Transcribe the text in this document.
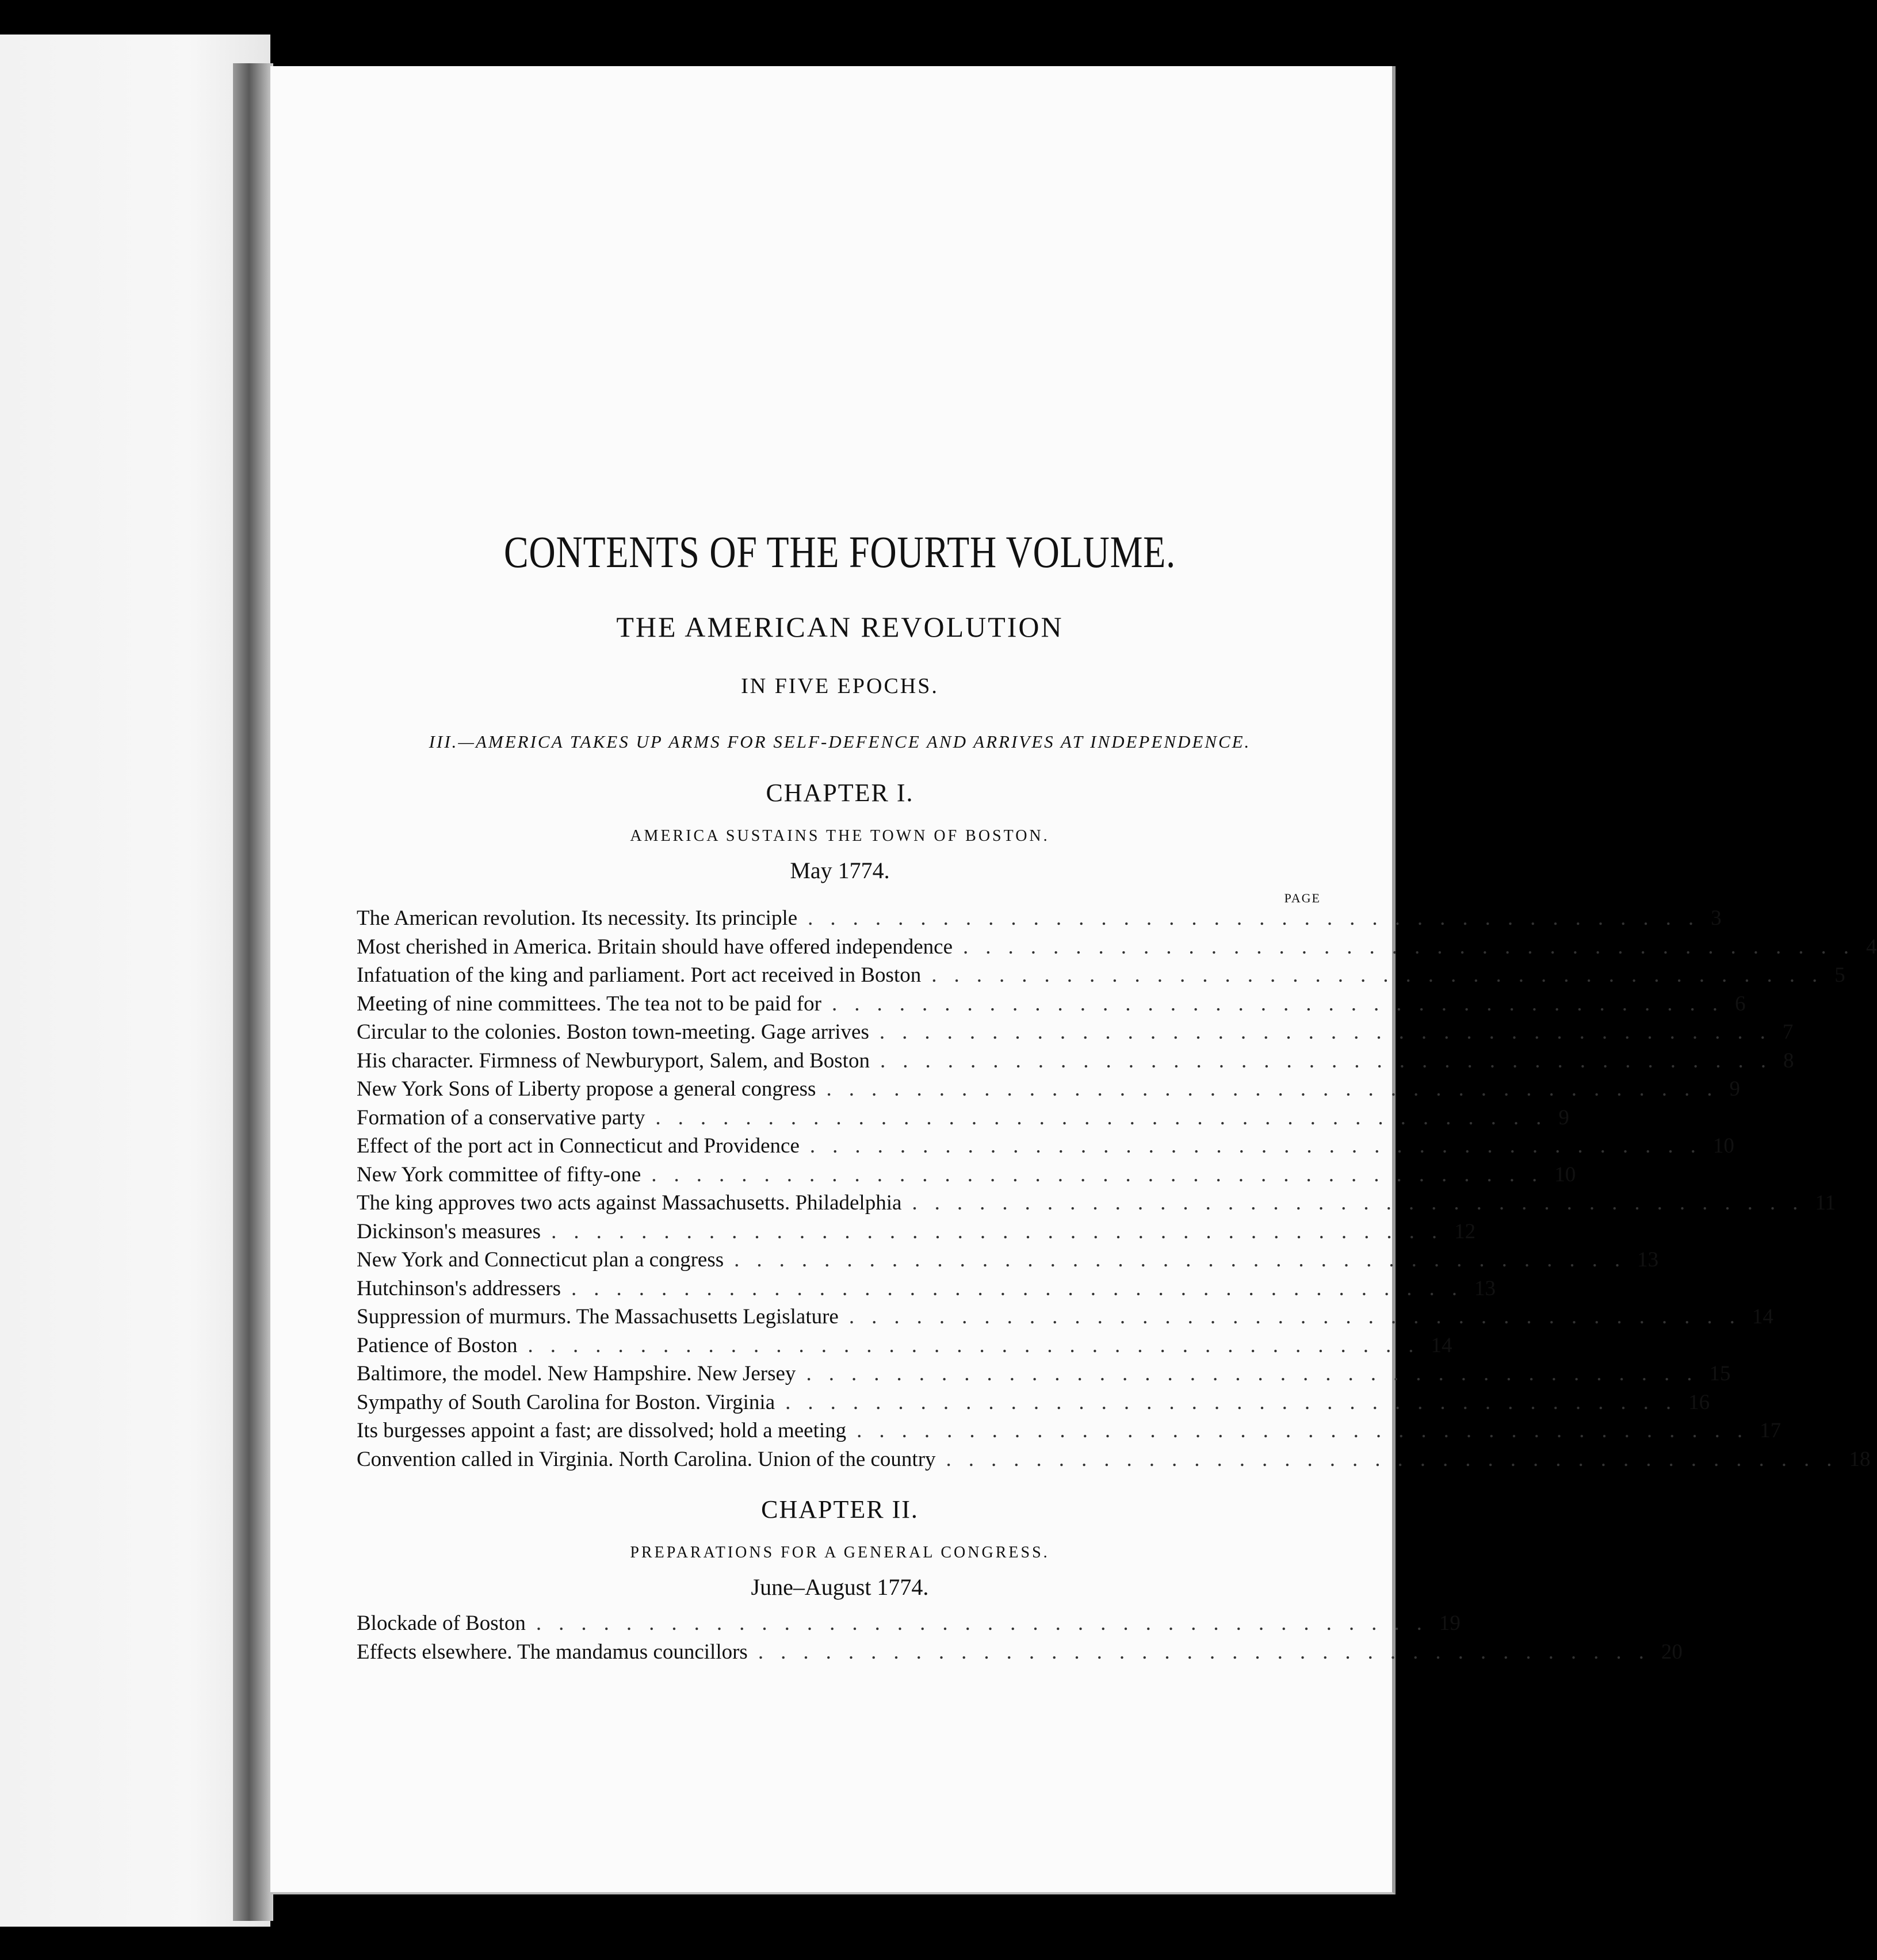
CONTENTS OF THE FOURTH VOLUME.
THE AMERICAN REVOLUTION
IN FIVE EPOCHS.
III.—AMERICA TAKES UP ARMS FOR SELF-DEFENCE AND ARRIVES AT INDEPENDENCE.
CHAPTER I.
AMERICA SUSTAINS THE TOWN OF BOSTON.
May 1774.
PAGE
The American revolution. Its necessity. Its principle ........................................ 3
Most cherished in America. Britain should have offered independence ........................................ 4
Infatuation of the king and parliament. Port act received in Boston ........................................ 5
Meeting of nine committees. The tea not to be paid for ........................................ 6
Circular to the colonies. Boston town-meeting. Gage arrives ........................................ 7
His character. Firmness of Newburyport, Salem, and Boston ........................................ 8
New York Sons of Liberty propose a general congress ........................................ 9
Formation of a conservative party ........................................ 9
Effect of the port act in Connecticut and Providence ........................................ 10
New York committee of fifty-one ........................................ 10
The king approves two acts against Massachusetts. Philadelphia ........................................ 11
Dickinson's measures ........................................ 12
New York and Connecticut plan a congress ........................................ 13
Hutchinson's addressers ........................................ 13
Suppression of murmurs. The Massachusetts Legislature ........................................ 14
Patience of Boston ........................................ 14
Baltimore, the model. New Hampshire. New Jersey ........................................ 15
Sympathy of South Carolina for Boston. Virginia ........................................ 16
Its burgesses appoint a fast; are dissolved; hold a meeting ........................................ 17
Convention called in Virginia. North Carolina. Union of the country ........................................ 18
CHAPTER II.
PREPARATIONS FOR A GENERAL CONGRESS.
June–August 1774.
Blockade of Boston ........................................ 19
Effects elsewhere. The mandamus councillors ........................................ 20
